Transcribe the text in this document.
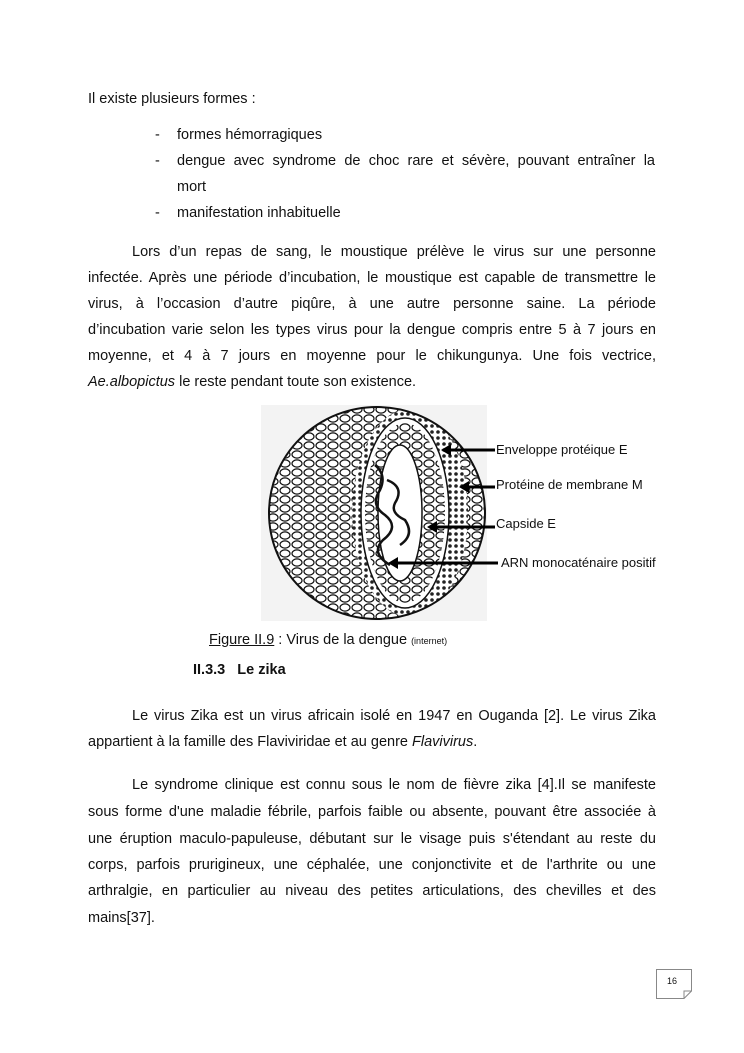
Il existe plusieurs formes :
- formes hémorragiques
- dengue avec syndrome de choc rare et sévère, pouvant entraîner la
mort
- manifestation inhabituelle
Lors d’un repas de sang, le moustique prélève le virus sur une personne
infectée. Après une période d’incubation, le moustique est capable de transmettre le
virus, à l’occasion d’autre piqûre, à une autre personne saine. La période
d’incubation varie selon les types virus pour la dengue compris entre 5 à 7 jours en
moyenne, et 4 à 7 jours en moyenne pour le chikungunya. Une fois vectrice,
Ae.albopictus le reste pendant toute son existence.
Enveloppe protéique E
Protéine de membrane M
Capside E
ARN monocaténaire positif
Figure II.9 : Virus de la dengue (internet)
II.3.3 Le zika
Le virus Zika est un virus africain isolé en 1947 en Ouganda [2]. Le virus Zika
appartient à la famille des Flaviviridae et au genre Flavivirus.
Le syndrome clinique est connu sous le nom de fièvre zika [4].Il se manifeste
sous forme d'une maladie fébrile, parfois faible ou absente, pouvant être associée à
une éruption maculo-papuleuse, débutant sur le visage puis s'étendant au reste du
corps, parfois prurigineux, une céphalée, une conjonctivite et de l'arthrite ou une
arthralgie, en particulier au niveau des petites articulations, des chevilles et des
mains[37].
16
